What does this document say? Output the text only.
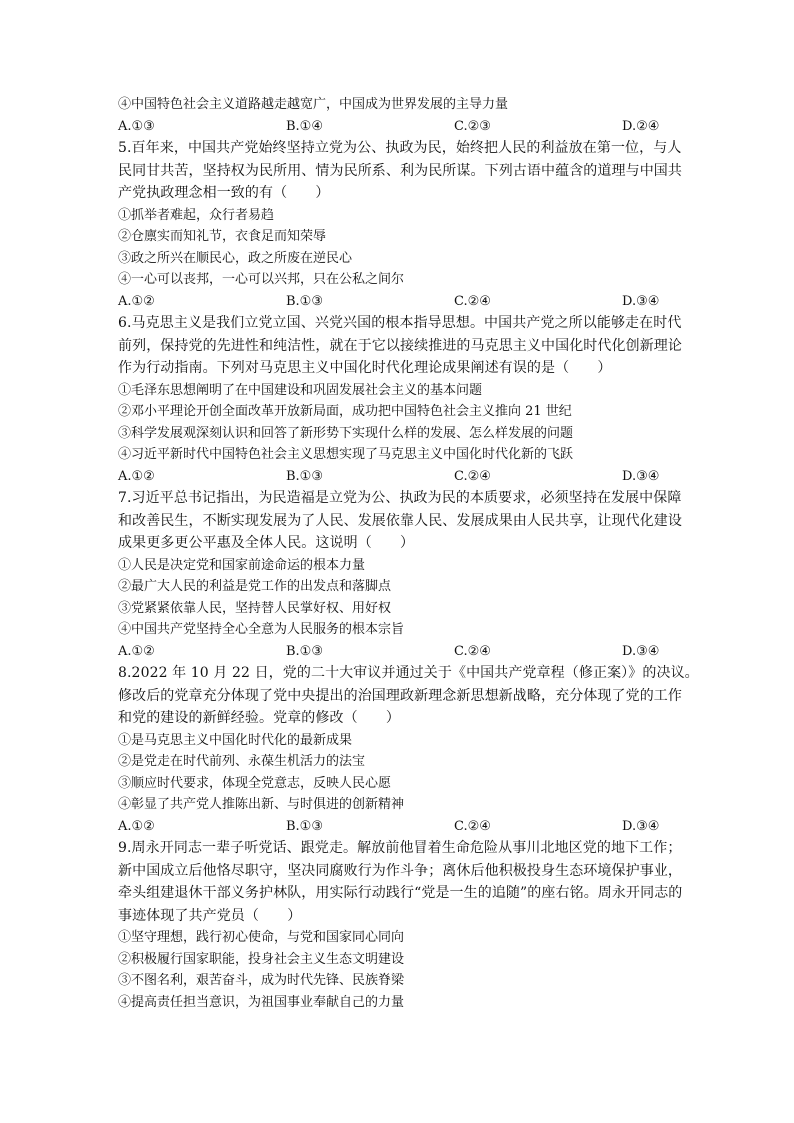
④中国特色社会主义道路越走越宽广，中国成为世界发展的主导力量
A.①③	B.①④	C.②③	D.②④
5.百年来，中国共产党始终坚持立党为公、执政为民，始终把人民的利益放在第一位，与人
民同甘共苦，坚持权为民所用、情为民所系、利为民所谋。下列古语中蕴含的道理与中国共
产党执政理念相一致的有（　　）
①抓举者难起，众行者易趋
②仓廪实而知礼节，衣食足而知荣辱
③政之所兴在顺民心，政之所废在逆民心
④一心可以丧邦，一心可以兴邦，只在公私之间尔
A.①②	B.①③	C.②④	D.③④
6.马克思主义是我们立党立国、兴党兴国的根本指导思想。中国共产党之所以能够走在时代
前列，保持党的先进性和纯洁性，就在于它以接续推进的马克思主义中国化时代化创新理论
作为行动指南。下列对马克思主义中国化时代化理论成果阐述有误的是（　　）
①毛泽东思想阐明了在中国建设和巩固发展社会主义的基本问题
②邓小平理论开创全面改革开放新局面，成功把中国特色社会主义推向 21 世纪
③科学发展观深刻认识和回答了新形势下实现什么样的发展、怎么样发展的问题
④习近平新时代中国特色社会主义思想实现了马克思主义中国化时代化新的飞跃
A.①②	B.①③	C.②④	D.③④
7.习近平总书记指出，为民造福是立党为公、执政为民的本质要求，必须坚持在发展中保障
和改善民生，不断实现发展为了人民、发展依靠人民、发展成果由人民共享，让现代化建设
成果更多更公平惠及全体人民。这说明（　　）
①人民是决定党和国家前途命运的根本力量
②最广大人民的利益是党工作的出发点和落脚点
③党紧紧依靠人民，坚持替人民掌好权、用好权
④中国共产党坚持全心全意为人民服务的根本宗旨
A.①②	B.①③	C.②④	D.③④
8.2022 年 10 月 22 日，党的二十大审议并通过关于《中国共产党章程（修正案）》的决议。
修改后的党章充分体现了党中央提出的治国理政新理念新思想新战略，充分体现了党的工作
和党的建设的新鲜经验。党章的修改（　　）
①是马克思主义中国化时代化的最新成果
②是党走在时代前列、永葆生机活力的法宝
③顺应时代要求，体现全党意志，反映人民心愿
④彰显了共产党人推陈出新、与时俱进的创新精神
A.①②	B.①③	C.②④	D.③④
9.周永开同志一辈子听党话、跟党走。解放前他冒着生命危险从事川北地区党的地下工作；
新中国成立后他恪尽职守，坚决同腐败行为作斗争；离休后他积极投身生态环境保护事业，
牵头组建退休干部义务护林队，用实际行动践行“党是一生的追随”的座右铭。周永开同志的
事迹体现了共产党员（　　）
①坚守理想，践行初心使命，与党和国家同心同向
②积极履行国家职能，投身社会主义生态文明建设
③不图名利，艰苦奋斗，成为时代先锋、民族脊梁
④提高责任担当意识，为祖国事业奉献自己的力量
